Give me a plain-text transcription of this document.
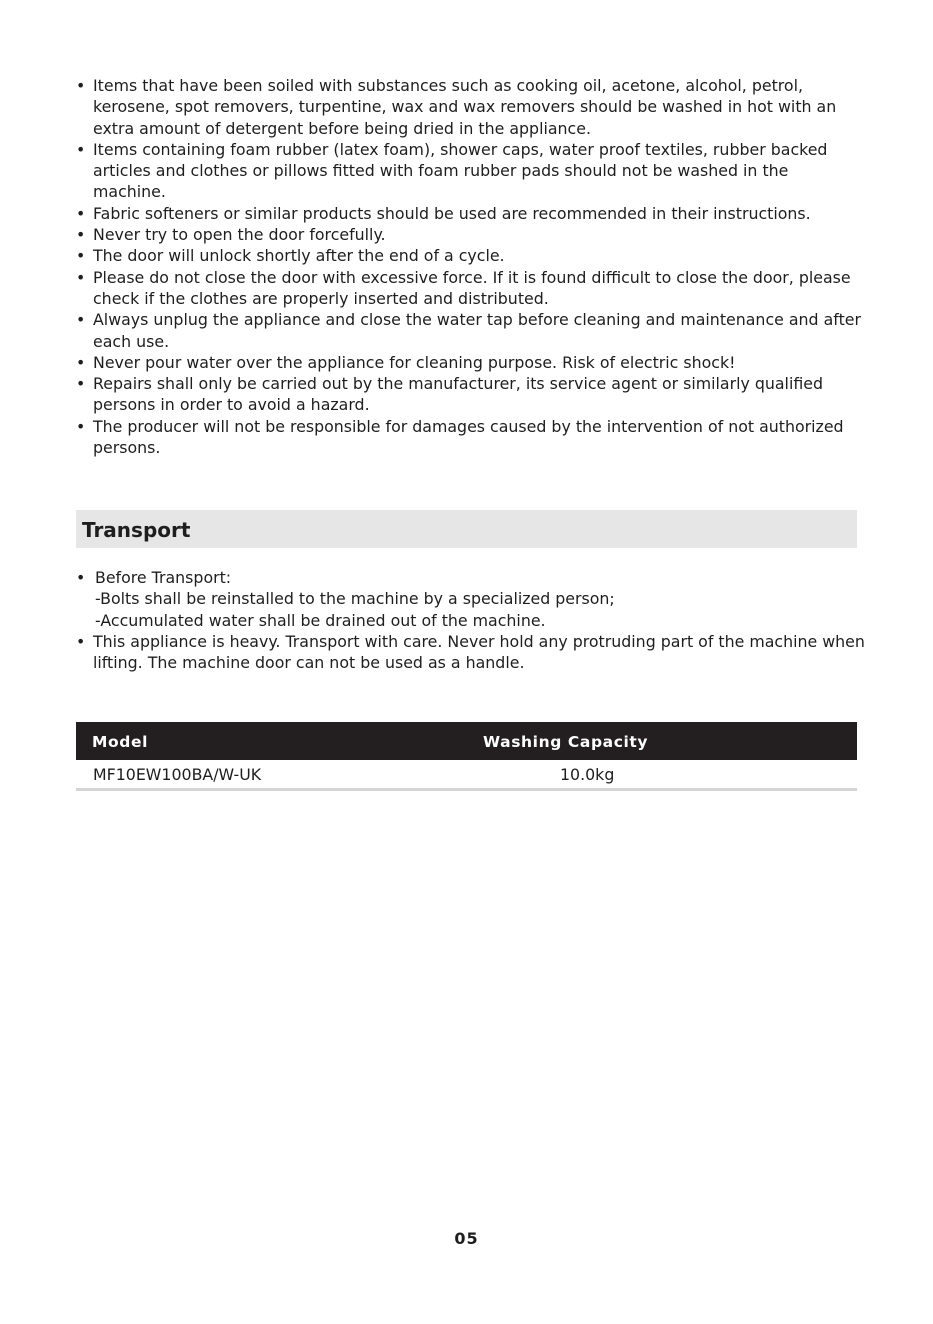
• Items that have been soiled with substances such as cooking oil, acetone, alcohol, petrol, kerosene, spot removers, turpentine, wax and wax removers should be washed in hot with an extra amount of detergent before being dried in the appliance.
• Items containing foam rubber (latex foam), shower caps, water proof textiles, rubber backed articles and clothes or pillows fitted with foam rubber pads should not be washed in the machine.
• Fabric softeners or similar products should be used are recommended in their instructions.
• Never try to open the door forcefully.
• The door will unlock shortly after the end of a cycle.
• Please do not close the door with excessive force. If it is found difficult to close the door, please check if the clothes are properly inserted and distributed.
• Always unplug the appliance and close the water tap before cleaning and maintenance and after each use.
• Never pour water over the appliance for cleaning purpose. Risk of electric shock!
• Repairs shall only be carried out by the manufacturer, its service agent or similarly qualified persons in order to avoid a hazard.
• The producer will not be responsible for damages caused by the intervention of not authorized persons.
Transport
• Before Transport:
-Bolts shall be reinstalled to the machine by a specialized person;
-Accumulated water shall be drained out of the machine.
• This appliance is heavy. Transport with care. Never hold any protruding part of the machine when lifting. The machine door can not be used as a handle.
Model	Washing Capacity
MF10EW100BA/W-UK	10.0kg
05
